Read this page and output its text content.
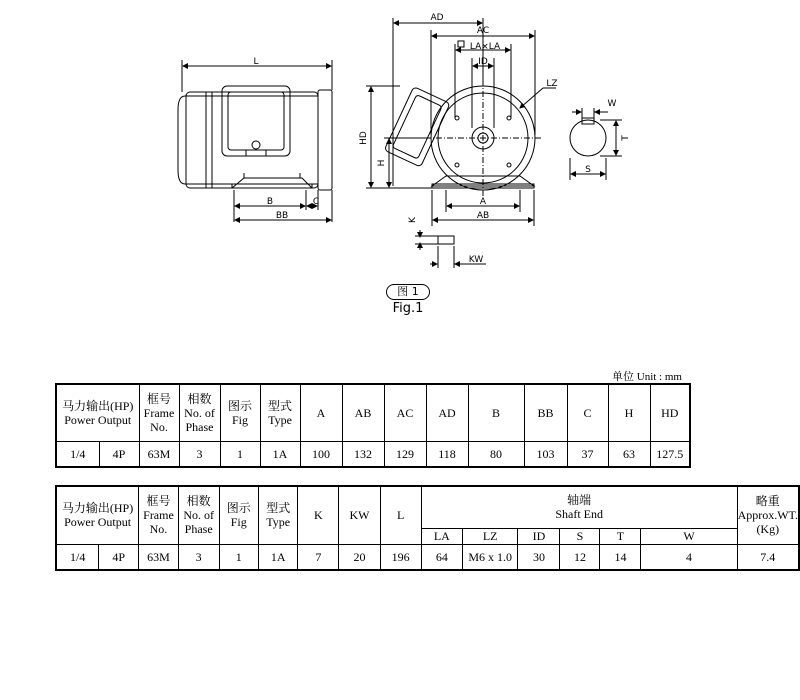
L
B	C
BB
AD
AC
LA×LA
ID
LZ
A
AB
KW
W
S
HD
H
K
T
图 1
Fig.1
单位 Unit : mm
马力输出(HP)
Power Output		框号
Frame
No.	相数
No. of
Phase	图示
Fig	型式
Type	A	AB	AC	AD	B	BB	C	H	HD
1/4	4P	63M	3	1	1A	100	132	129	118	80	103	37	63	127.5
马力输出(HP)
Power Output		框号
Frame
No.	相数
No. of
Phase	图示
Fig	型式
Type	K	KW	L	轴端
Shaft End						略重
Approx.WT.
(Kg)

									LA	LZ	ID	S	T	W	
1/4	4P	63M	3	1	1A	7	20	196	64	M6 x 1.0	30	12	14	4	7.4
